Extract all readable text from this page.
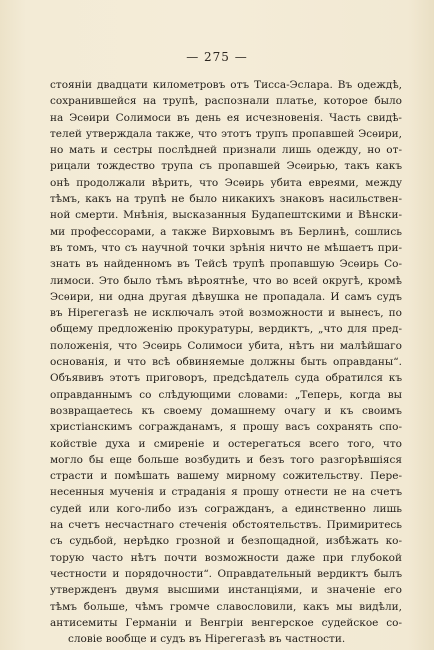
— 275 —
стоянiи двадцати километровъ отъ Тисса-Эслара. Въ одеждѣ,
сохранившейся на трупѣ, распознали платье, которое было
на Эсѳири Солимоси въ день ея исчезновенiя. Часть свидѣ-
телей утверждала также, что этотъ трупъ пропавшей Эсѳири,
но мать и сестры послѣдней признали лишь одежду, но от-
рицали тождество трупа съ пропавшей Эсѳирью, такъ какъ
онѣ продолжали вѣрить, что Эсѳирь убита евреями, между
тѣмъ, какъ на трупѣ не было никакихъ знаковъ насильствен-
ной смерти. Мнѣнiя, высказанныя Будапештскими и Вѣнски-
ми профессорами, а также Вирховымъ въ Берлинѣ, сошлись
въ томъ, что съ научной точки зрѣнiя ничто не мѣшаетъ при-
знать въ найденномъ въ Тейсѣ трупѣ пропавшую Эсѳирь Со-
лимоси. Это было тѣмъ вѣроятнѣе, что во всей округѣ, кромѣ
Эсѳири, ни одна другая дѣвушка не пропадала. И самъ судъ
въ Нiрегегазѣ не исключалъ этой возможности и вынесъ, по
общему предложенiю прокуратуры, вердиктъ, „что для пред-
положенiя, что Эсѳирь Солимоси убита, нѣтъ ни малѣйшаго
основанiя, и что всѣ обвиняемые должны быть оправданы“.
Объявивъ этотъ приговоръ, предсѣдатель суда обратился къ
оправданнымъ со слѣдующими словами: „Теперь, когда вы
возвращаетесь къ своему домашнему очагу и къ своимъ
христiанскимъ согражданамъ, я прошу васъ сохранять спо-
койствiе духа и смиренiе и остерегаться всего того, что
могло бы еще больше возбудить и безъ того разгорѣвшiяся
страсти и помѣшать вашему мирному сожительству. Пере-
несенныя мученiя и страданiя я прошу отнести не на счетъ
судей или кого-либо изъ согражданъ, а единственно лишь
на счетъ несчастнаго стеченiя обстоятельствъ. Примиритесь
съ судьбой, нерѣдко грозной и безпощадной, избѣжать ко-
торую часто нѣтъ почти возможности даже при глубокой
честности и порядочности“. Оправдательный вердиктъ былъ
утвержденъ двумя высшими инстанцiями, и значенiе его
тѣмъ больше, чѣмъ громче славословили, какъ мы видѣли,
антисемиты Германiи и Венгрiи венгерское судейское со-
словiе вообще и судъ въ Нiрегегазѣ въ частности.
